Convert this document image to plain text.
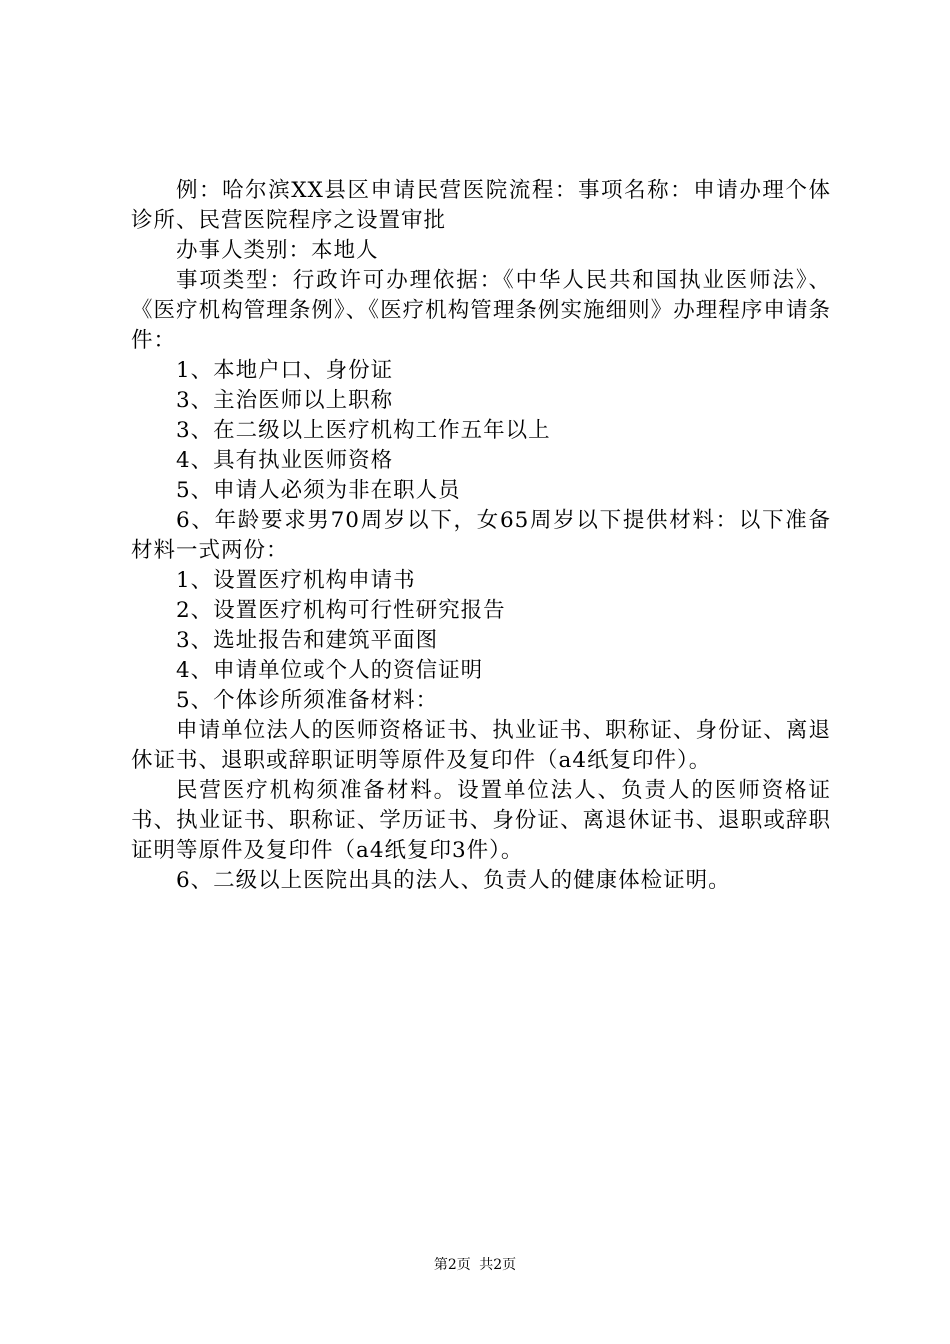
例：哈尔滨XX县区申请民营医院流程：事项名称：申请办理个体诊所、民营医院程序之设置审批

办事人类别：本地人

事项类型：行政许可办理依据：《中华人民共和国执业医师法》、《医疗机构管理条例》、《医疗机构管理条例实施细则》办理程序申请条件：

1、本地户口、身份证

3、主治医师以上职称

3、在二级以上医疗机构工作五年以上

4、具有执业医师资格

5、申请人必须为非在职人员

6、年龄要求男70周岁以下，女65周岁以下提供材料：以下准备材料一式两份：

1、设置医疗机构申请书

2、设置医疗机构可行性研究报告

3、选址报告和建筑平面图

4、申请单位或个人的资信证明

5、个体诊所须准备材料：

申请单位法人的医师资格证书、执业证书、职称证、身份证、离退休证书、退职或辞职证明等原件及复印件（a4纸复印件）。

民营医疗机构须准备材料。设置单位法人、负责人的医师资格证书、执业证书、职称证、学历证书、身份证、离退休证书、退职或辞职证明等原件及复印件（a4纸复印3件）。

6、二级以上医院出具的法人、负责人的健康体检证明。

第2页 共2页
